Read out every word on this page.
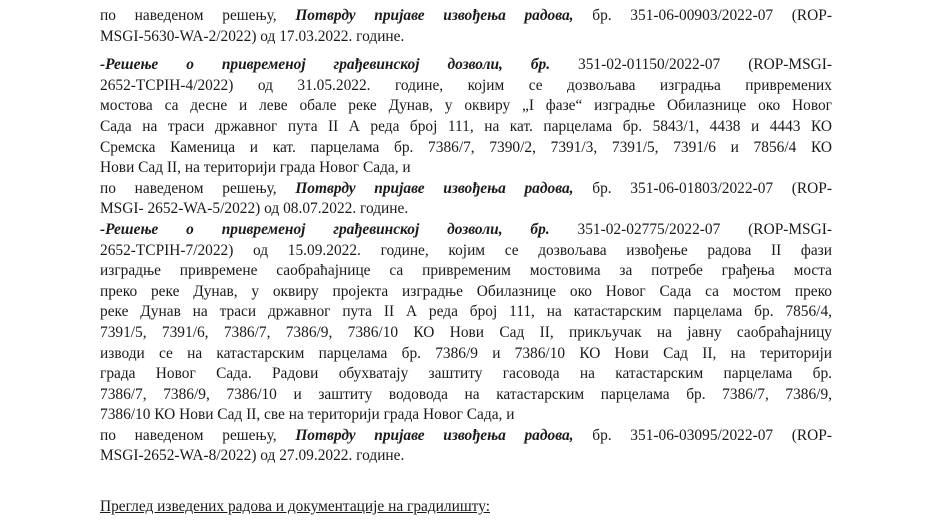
по наведеном решењу, Потврду пријаве извођења радова, бр. 351-06-00903/2022-07 (ROP-
MSGI-5630-WA-2/2022) од 17.03.2022. године.
-Решење о привременој грађевинској дозволи, бр. 351-02-01150/2022-07 (ROP-MSGI-
2652-TCPIH-4/2022) од 31.05.2022. године, којим се дозвољава изградња привремених
мостова са десне и леве обале реке Дунав, у оквиру „I фазе“ изградње Обилазнице око Новог
Сада на траси државног пута II А реда број 111, на кат. парцелама бр. 5843/1, 4438 и 4443 КО
Сремска Каменица и кат. парцелама бр. 7386/7, 7390/2, 7391/3, 7391/5, 7391/6 и 7856/4 КО
Нови Сад II, на територији града Новог Сада, и
по наведеном решењу, Потврду пријаве извођења радова, бр. 351-06-01803/2022-07 (ROP-
MSGI- 2652-WA-5/2022) од 08.07.2022. године.
-Решење о привременој грађевинској дозволи, бр. 351-02-02775/2022-07 (ROP-MSGI-
2652-TCPIH-7/2022) од 15.09.2022. године, којим се дозвољава извођење радова II фази
изградње привремене саобраћајнице са привременим мостовима за потребе грађења моста
преко реке Дунав, у оквиру пројекта изградње Обилазнице око Новог Сада са мостом преко
реке Дунав на траси државног пута II А реда број 111, на катастарским парцелама бр. 7856/4,
7391/5, 7391/6, 7386/7, 7386/9, 7386/10 КО Нови Сад II, прикључак на јавну саобраћајницу
изводи се на катастарским парцелама бр. 7386/9 и 7386/10 КО Нови Сад II, на територији
града Новог Сада. Радови обухватају заштиту гасовода на катастарским парцелама бр.
7386/7, 7386/9, 7386/10 и заштиту водовода на катастарским парцелама бр. 7386/7, 7386/9,
7386/10 КО Нови Сад II, све на територији града Новог Сада, и
по наведеном решењу, Потврду пријаве извођења радова, бр. 351-06-03095/2022-07 (ROP-
MSGI-2652-WA-8/2022) од 27.09.2022. године.
Преглед изведених радова и документације на градилишту:
